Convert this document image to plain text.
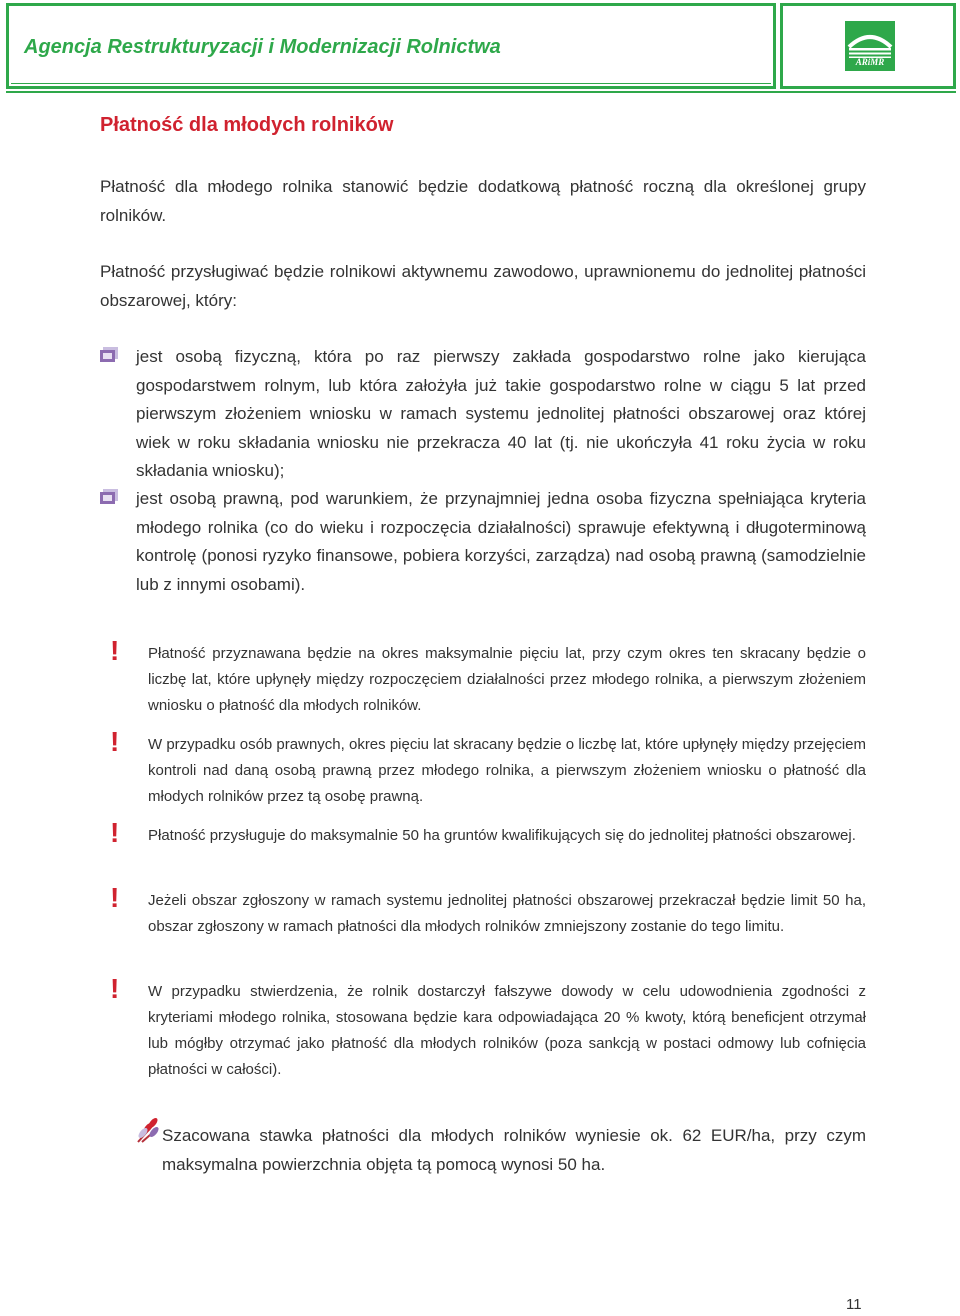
Agencja Restrukturyzacji i Modernizacji Rolnictwa
ARiMR
Płatność dla młodych rolników
Płatność dla młodego rolnika stanowić będzie dodatkową płatność roczną dla określonej grupy rolników.
Płatność przysługiwać będzie rolnikowi aktywnemu zawodowo, uprawnionemu do jednolitej płatności obszarowej, który:
jest osobą fizyczną, która po raz pierwszy zakłada gospodarstwo rolne jako kierująca gospodarstwem rolnym, lub która założyła już takie gospodarstwo rolne w ciągu 5 lat przed pierwszym złożeniem wniosku w ramach systemu jednolitej płatności obszarowej oraz której wiek w roku składania wniosku nie przekracza 40 lat (tj. nie ukończyła 41 roku życia w roku składania wniosku);
jest osobą prawną, pod warunkiem, że przynajmniej jedna osoba fizyczna spełniająca kryteria młodego rolnika (co do wieku i rozpoczęcia działalności) sprawuje efektywną i długoterminową kontrolę (ponosi ryzyko finansowe, pobiera korzyści, zarządza) nad osobą prawną (samodzielnie lub z innymi osobami).
! Płatność przyznawana będzie na okres maksymalnie pięciu lat, przy czym okres ten skracany będzie o liczbę lat, które upłynęły między rozpoczęciem działalności przez młodego rolnika, a pierwszym złożeniem wniosku o płatność dla młodych rolników.
! W przypadku osób prawnych, okres pięciu lat skracany będzie o liczbę lat, które upłynęły między przejęciem kontroli nad daną osobą prawną przez młodego rolnika, a pierwszym złożeniem wniosku o płatność dla młodych rolników przez tą osobę prawną.
! Płatność przysługuje do maksymalnie 50 ha gruntów kwalifikujących się do jednolitej płatności obszarowej.
! Jeżeli obszar zgłoszony w ramach systemu jednolitej płatności obszarowej przekraczał będzie limit 50 ha, obszar zgłoszony w ramach płatności dla młodych rolników zmniejszony zostanie do tego limitu.
! W przypadku stwierdzenia, że rolnik dostarczył fałszywe dowody w celu udowodnienia zgodności z kryteriami młodego rolnika, stosowana będzie kara odpowiadająca 20 % kwoty, którą beneficjent otrzymał lub mógłby otrzymać jako płatność dla młodych rolników (poza sankcją w postaci odmowy lub cofnięcia płatności w całości).
Szacowana stawka płatności dla młodych rolników wyniesie ok. 62 EUR/ha, przy czym maksymalna powierzchnia objęta tą pomocą wynosi 50 ha.
11
